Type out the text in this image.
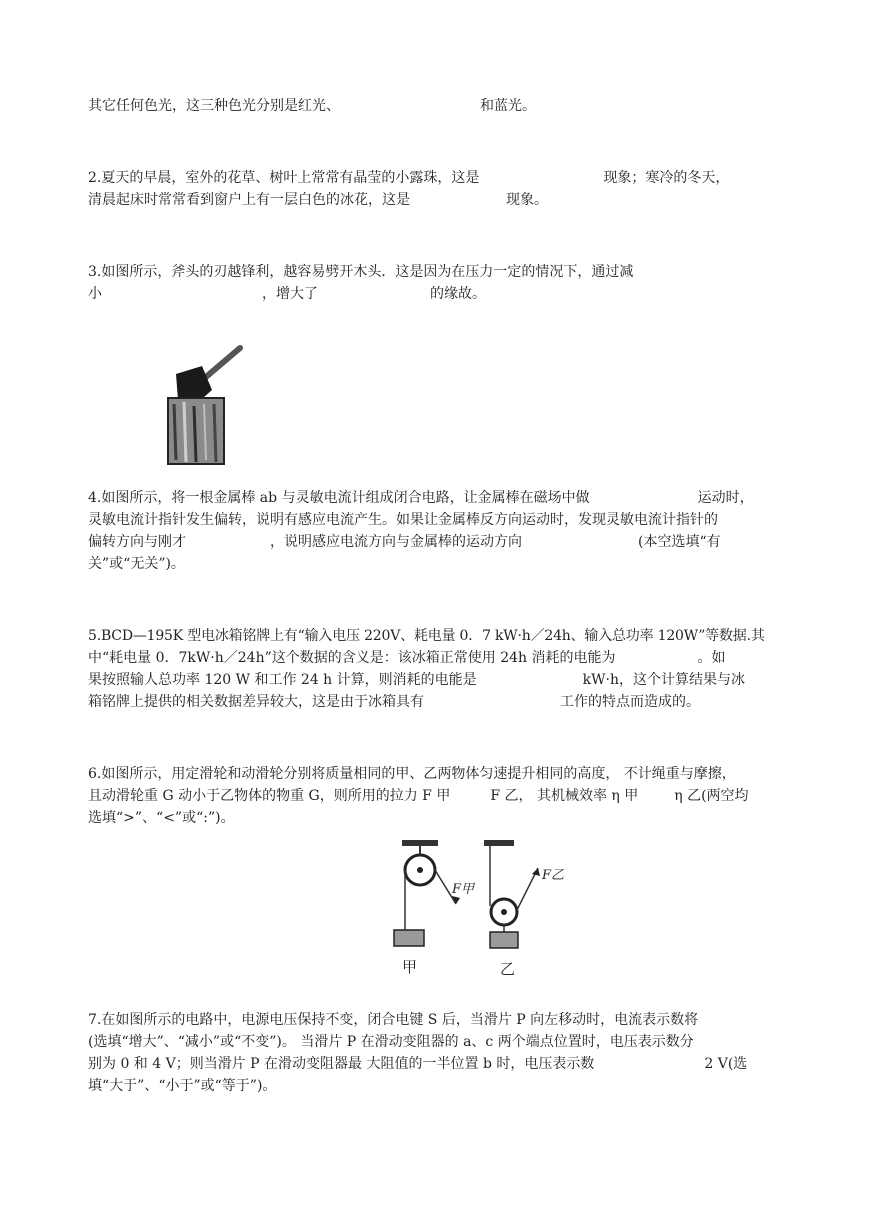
其它任何色光，这三种色光分别是红光、	和蓝光。
2.夏天的早晨，室外的花草、树叶上常常有晶莹的小露珠，这是	现象；寒冷的冬天，
清晨起床时常常看到窗户上有一层白色的冰花，这是	现象。
3.如图所示，斧头的刃越锋利，越容易劈开木头．这是因为在压力一定的情况下，通过减
小	，增大了	的缘故。
4.如图所示，将一根金属棒 ab 与灵敏电流计组成闭合电路，让金属棒在磁场中做	运动时，
灵敏电流计指针发生偏转，说明有感应电流产生。如果让金属棒反方向运动时，发现灵敏电流计指针的
偏转方向与刚才	，说明感应电流方向与金属棒的运动方向	(本空选填“有
关”或“无关”)。
5.BCD—195K 型电冰箱铭牌上有“输入电压 220V、耗电量 0．7 kW·h／24h、输入总功率 120W”等数据.其
中“耗电量 0．7kW·h／24h”这个数据的含义是：该冰箱正常使用 24h 消耗的电能为	。如
果按照输人总功率 120 W 和工作 24 h 计算，则消耗的电能是	kW·h，这个计算结果与冰
箱铭牌上提供的相关数据差异较大，这是由于冰箱具有	工作的特点而造成的。
6.如图所示，用定滑轮和动滑轮分别将质量相同的甲、乙两物体匀速提升相同的高度， 不计绳重与摩擦，
且动滑轮重 G 动小于乙物体的物重 G，则所用的拉力 F 甲	F 乙， 其机械效率 η 甲	η 乙(两空均
选填“>”、“<”或“:”)。
F甲
F乙
甲	乙
7.在如图所示的电路中，电源电压保持不变，闭合电键 S 后，当滑片 P 向左移动时，电流表示数将
(选填“增大”、“减小”或“不变”)。 当滑片 P 在滑动变阻器的 a、c 两个端点位置时，电压表示数分
别为 0 和 4 V；则当滑片 P 在滑动变阻器最 大阻值的一半位置 b 时，电压表示数	2 V(选
填“大于”、“小于”或“等于”)。
